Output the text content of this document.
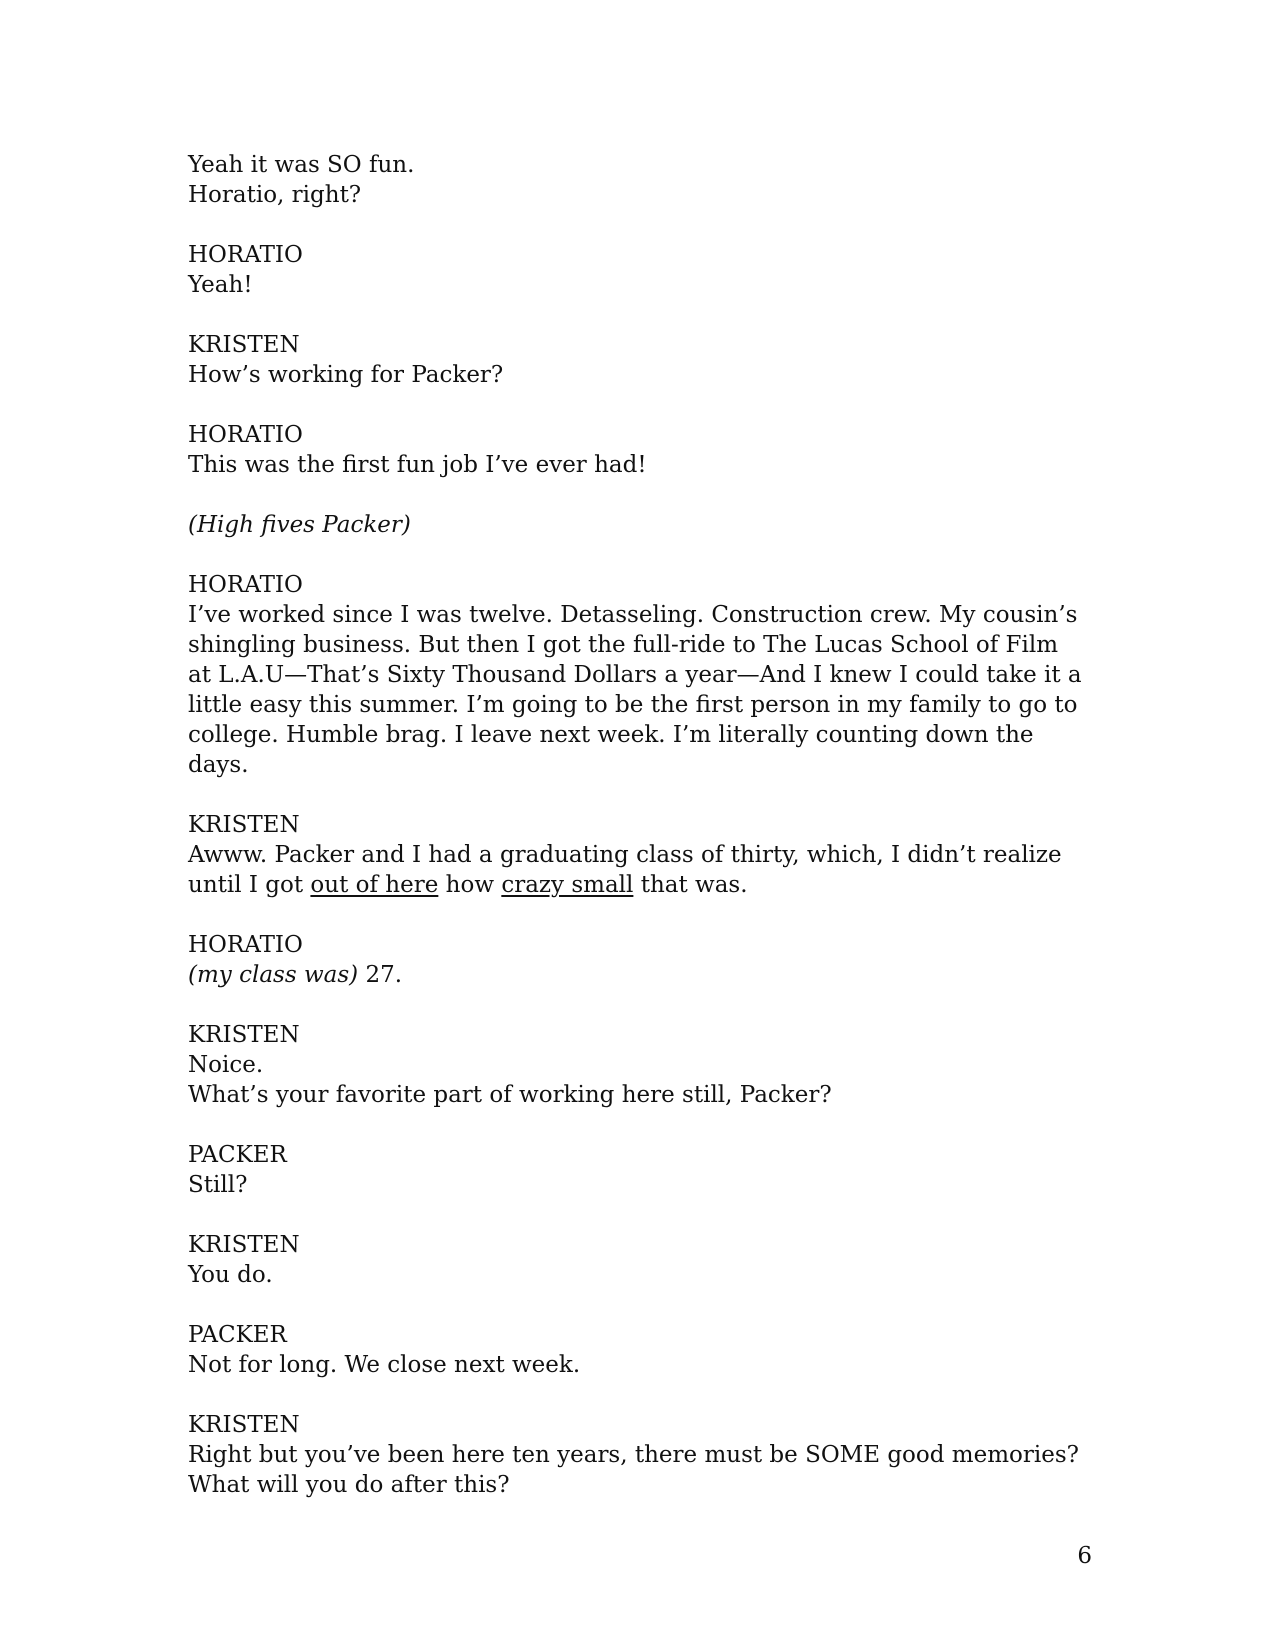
Yeah it was SO fun.
Horatio, right?
HORATIO
Yeah!
KRISTEN
How’s working for Packer?
HORATIO
This was the first fun job I’ve ever had!
(High fives Packer)
HORATIO
I’ve worked since I was twelve. Detasseling. Construction crew. My cousin’s shingling business. But then I got the full-ride to The Lucas School of Film at L.A.U—That’s Sixty Thousand Dollars a year—And I knew I could take it a little easy this summer. I’m going to be the first person in my family to go to college. Humble brag. I leave next week. I’m literally counting down the days.
KRISTEN
Awww. Packer and I had a graduating class of thirty, which, I didn’t realize until I got out of here how crazy small that was.
HORATIO
(my class was) 27.
KRISTEN
Noice.
What’s your favorite part of working here still, Packer?
PACKER
Still?
KRISTEN
You do.
PACKER
Not for long. We close next week.
KRISTEN
Right but you’ve been here ten years, there must be SOME good memories?
What will you do after this?
6
